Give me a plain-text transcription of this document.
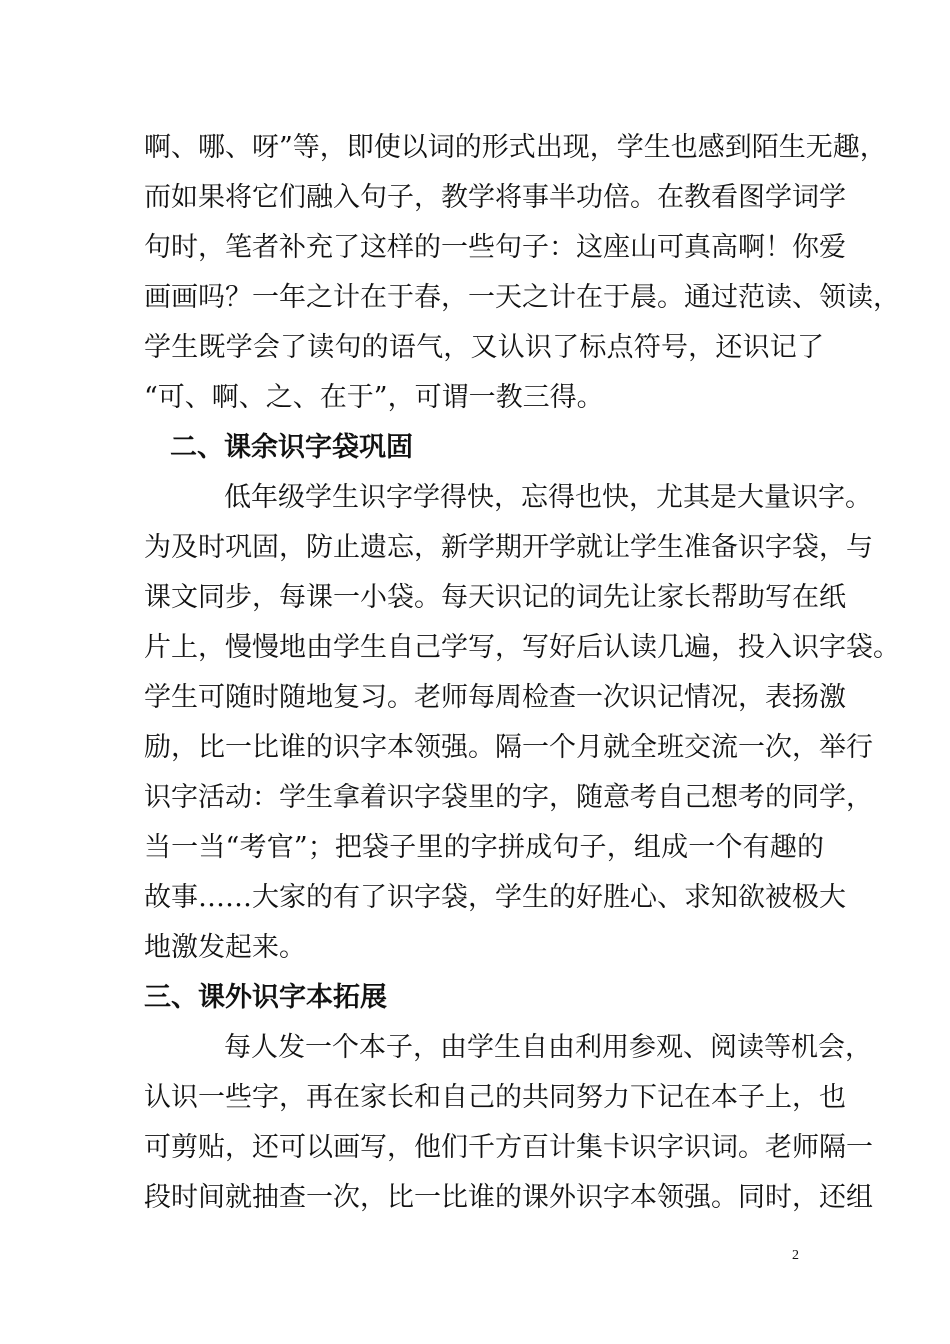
啊、哪、呀”等，即使以词的形式出现，学生也感到陌生无趣，
而如果将它们融入句子，教学将事半功倍。在教看图学词学
句时，笔者补充了这样的一些句子：这座山可真高啊！你爱
画画吗？一年之计在于春，一天之计在于晨。通过范读、领读，
学生既学会了读句的语气，又认识了标点符号，还识记了
“可、啊、之、在于”，可谓一教三得。
二、课余识字袋巩固
低年级学生识字学得快，忘得也快，尤其是大量识字。
为及时巩固，防止遗忘，新学期开学就让学生准备识字袋，与
课文同步，每课一小袋。每天识记的词先让家长帮助写在纸
片上，慢慢地由学生自己学写，写好后认读几遍，投入识字袋。
学生可随时随地复习。老师每周检查一次识记情况，表扬激
励，比一比谁的识字本领强。隔一个月就全班交流一次，举行
识字活动：学生拿着识字袋里的字，随意考自己想考的同学，
当一当“考官”；把袋子里的字拼成句子，组成一个有趣的
故事……大家的有了识字袋，学生的好胜心、求知欲被极大
地激发起来。
三、课外识字本拓展
每人发一个本子，由学生自由利用参观、阅读等机会，
认识一些字，再在家长和自己的共同努力下记在本子上，也
可剪贴，还可以画写，他们千方百计集卡识字识词。老师隔一
段时间就抽查一次，比一比谁的课外识字本领强。同时，还组
2
